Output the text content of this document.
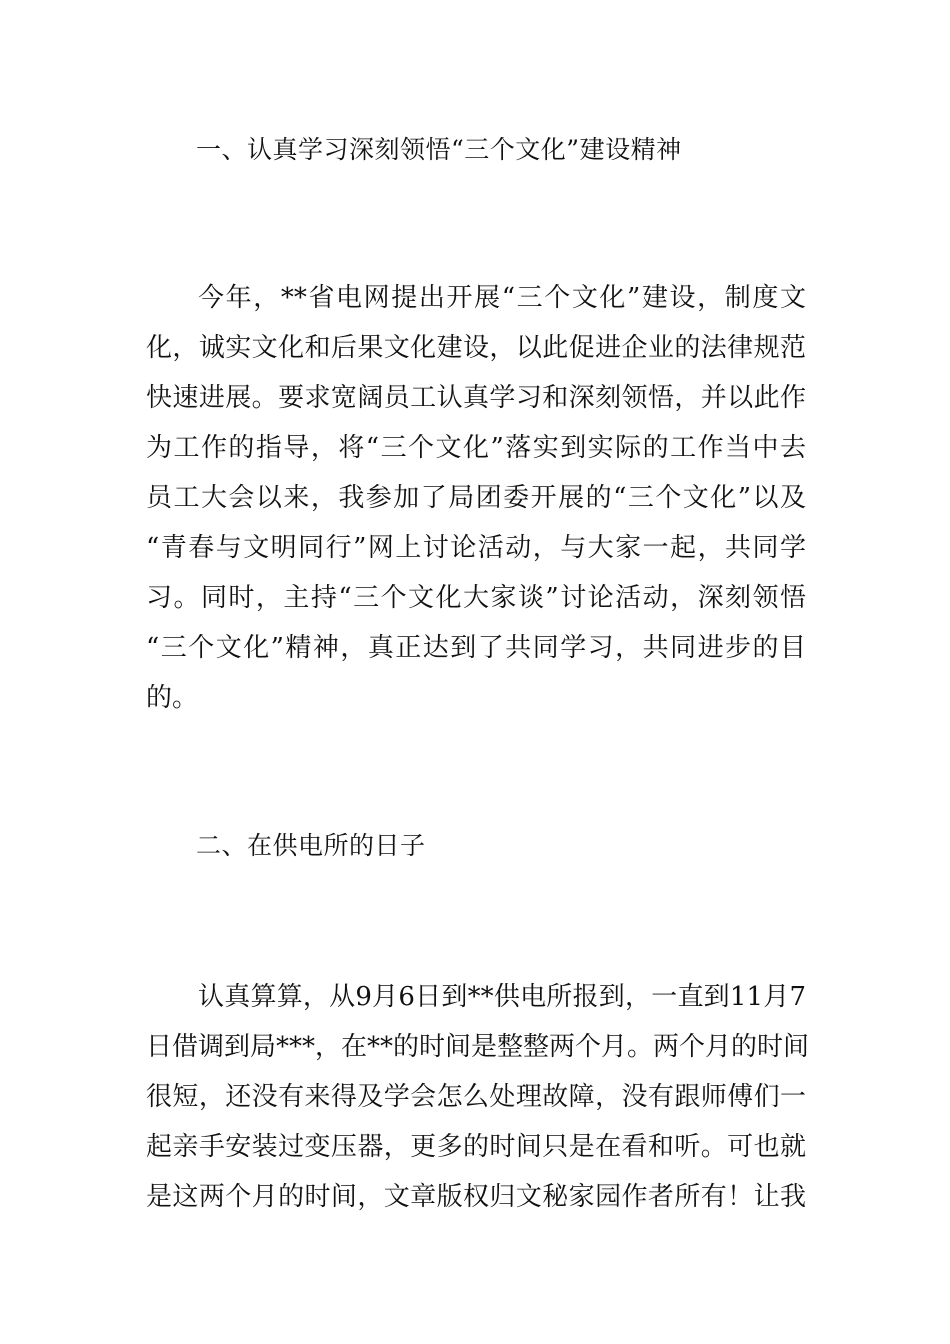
一、认真学习深刻领悟“三个文化”建设精神
今年，**省电网提出开展“三个文化”建设，制度文
化，诚实文化和后果文化建设，以此促进企业的法律规范
快速进展。要求宽阔员工认真学习和深刻领悟，并以此作
为工作的指导，将“三个文化”落实到实际的工作当中去
员工大会以来，我参加了局团委开展的“三个文化”以及
“青春与文明同行”网上讨论活动，与大家一起，共同学
习。同时，主持“三个文化大家谈”讨论活动，深刻领悟
“三个文化”精神，真正达到了共同学习，共同进步的目
的。
二、在供电所的日子
认真算算，从9月6日到**供电所报到，一直到11月7
日借调到局***，在**的时间是整整两个月。两个月的时间
很短，还没有来得及学会怎么处理故障，没有跟师傅们一
起亲手安装过变压器，更多的时间只是在看和听。可也就
是这两个月的时间，文章版权归文秘家园作者所有！让我
